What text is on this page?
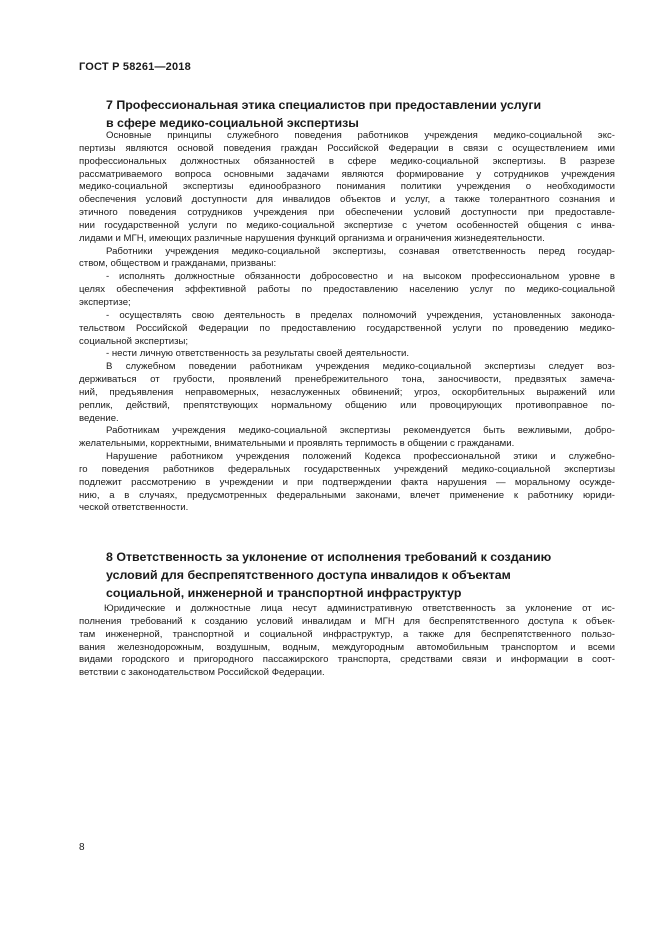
ГОСТ Р 58261—2018
7 Профессиональная этика специалистов при предоставлении услуги
в сфере медико-социальной экспертизы
Основные принципы служебного поведения работников учреждения медико-социальной экс-
пертизы являются основой поведения граждан Российской Федерации в связи с осуществлением ими
профессиональных должностных обязанностей в сфере медико-социальной экспертизы. В разрезе
рассматриваемого вопроса основными задачами являются формирование у сотрудников учреждения
медико-социальной экспертизы единообразного понимания политики учреждения о необходимости
обеспечения условий доступности для инвалидов объектов и услуг, а также толерантного сознания и
этичного поведения сотрудников учреждения при обеспечении условий доступности при предоставле-
нии государственной услуги по медико-социальной экспертизе с учетом особенностей общения с инва-
лидами и МГН, имеющих различные нарушения функций организма и ограничения жизнедеятельности.
Работники учреждения медико-социальной экспертизы, сознавая ответственность перед государ-
ством, обществом и гражданами, призваны:
- исполнять должностные обязанности добросовестно и на высоком профессиональном уровне в
целях обеспечения эффективной работы по предоставлению населению услуг по медико-социальной
экспертизе;
- осуществлять свою деятельность в пределах полномочий учреждения, установленных законода-
тельством Российской Федерации по предоставлению государственной услуги по проведению медико-
социальной экспертизы;
- нести личную ответственность за результаты своей деятельности.
В служебном поведении работникам учреждения медико-социальной экспертизы следует воз-
держиваться от грубости, проявлений пренебрежительного тона, заносчивости, предвзятых замеча-
ний, предъявления неправомерных, незаслуженных обвинений; угроз, оскорбительных выражений или
реплик, действий, препятствующих нормальному общению или провоцирующих противоправное по-
ведение.
Работникам учреждения медико-социальной экспертизы рекомендуется быть вежливыми, добро-
желательными, корректными, внимательными и проявлять терпимость в общении с гражданами.
Нарушение работником учреждения положений Кодекса профессиональной этики и служебно-
го поведения работников федеральных государственных учреждений медико-социальной экспертизы
подлежит рассмотрению в учреждении и при подтверждении факта нарушения — моральному осужде-
нию, а в случаях, предусмотренных федеральными законами, влечет применение к работнику юриди-
ческой ответственности.
8 Ответственность за уклонение от исполнения требований к созданию
условий для беспрепятственного доступа инвалидов к объектам
социальной, инженерной и транспортной инфраструктур
Юридические и должностные лица несут административную ответственность за уклонение от ис-
полнения требований к созданию условий инвалидам и МГН для беспрепятственного доступа к объек-
там инженерной, транспортной и социальной инфраструктур, а также для беспрепятственного пользо-
вания железнодорожным, воздушным, водным, междугородным автомобильным транспортом и всеми
видами городского и пригородного пассажирского транспорта, средствами связи и информации в соот-
ветствии с законодательством Российской Федерации.
8
